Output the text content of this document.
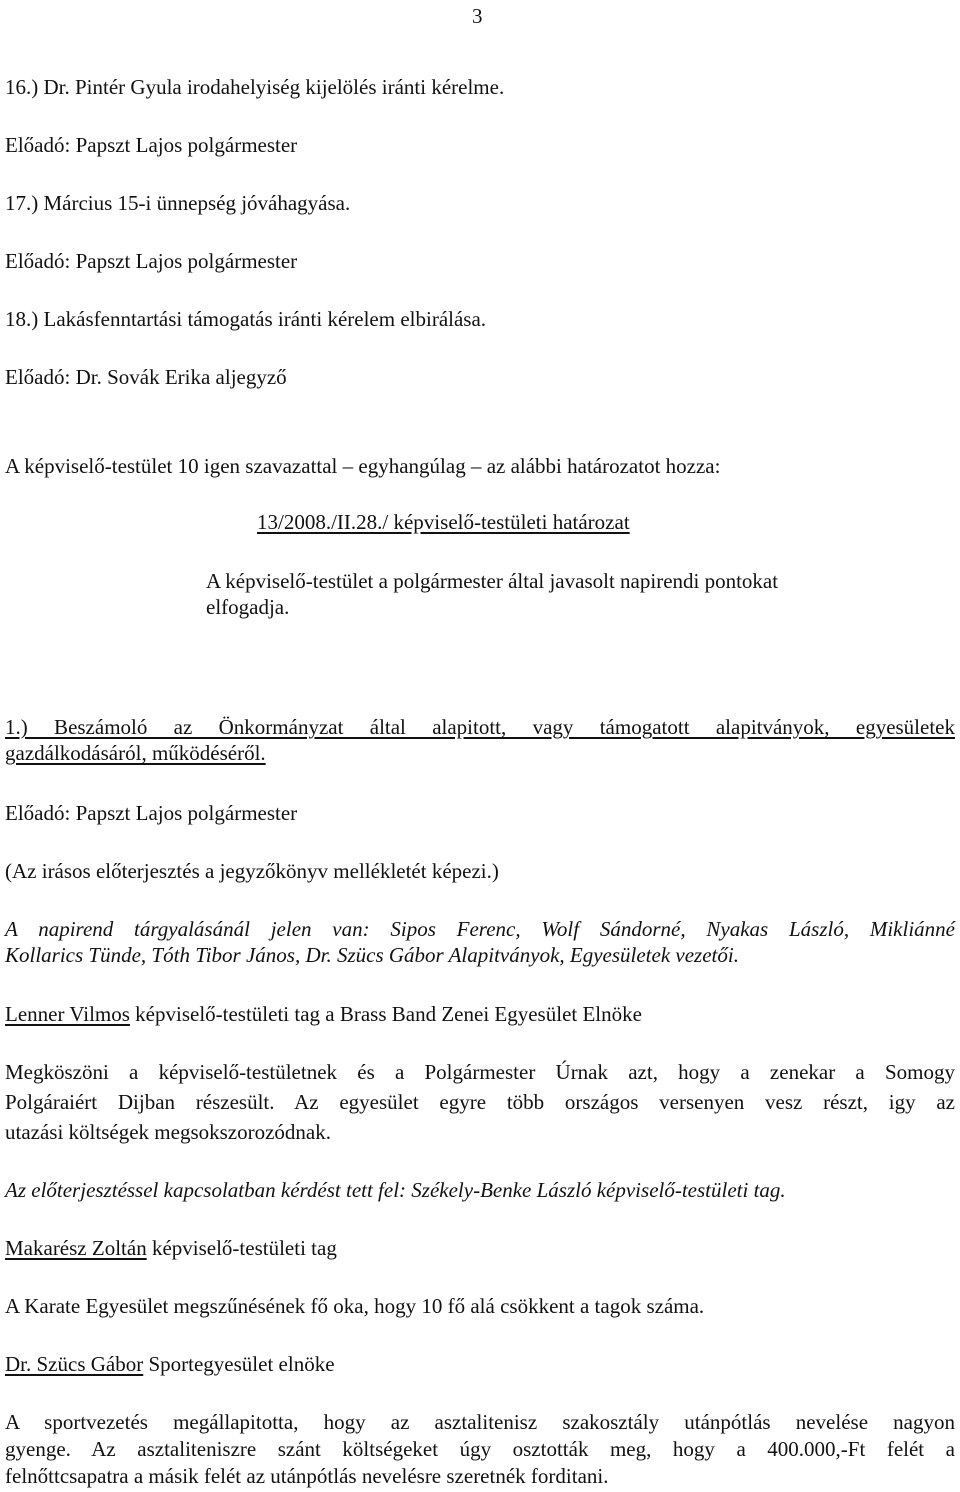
3
16.) Dr. Pintér Gyula irodahelyiség kijelölés iránti kérelme.
Előadó: Papszt Lajos polgármester
17.) Március 15-i ünnepség jóváhagyása.
Előadó: Papszt Lajos polgármester
18.) Lakásfenntartási támogatás iránti kérelem elbirálása.
Előadó: Dr. Sovák Erika aljegyző
A képviselő-testület 10 igen szavazattal – egyhangúlag – az alábbi határozatot hozza:
13/2008./II.28./ képviselő-testületi határozat
A képviselő-testület a polgármester által javasolt napirendi pontokat elfogadja.
1.) Beszámoló az Önkormányzat által alapitott, vagy támogatott alapitványok, egyesületek
gazdálkodásáról, működéséről.
Előadó: Papszt Lajos polgármester
(Az irásos előterjesztés a jegyzőkönyv mellékletét képezi.)
A napirend tárgyalásánál jelen van: Sipos Ferenc, Wolf Sándorné, Nyakas László, Mikliánné
Kollarics Tünde, Tóth Tibor János, Dr. Szücs Gábor Alapitványok, Egyesületek vezetői.
Lenner Vilmos képviselő-testületi tag a Brass Band Zenei Egyesület Elnöke
Megköszöni a képviselő-testületnek és a Polgármester Úrnak azt, hogy a zenekar a Somogy
Polgáraiért Dijban részesült. Az egyesület egyre több országos versenyen vesz részt, igy az
utazási költségek megsokszorozódnak.
Az előterjesztéssel kapcsolatban kérdést tett fel: Székely-Benke László képviselő-testületi tag.
Makarész Zoltán képviselő-testületi tag
A Karate Egyesület megszűnésének fő oka, hogy 10 fő alá csökkent a tagok száma.
Dr. Szücs Gábor Sportegyesület elnöke
A sportvezetés megállapitotta, hogy az asztalitenisz szakosztály utánpótlás nevelése nagyon
gyenge. Az asztaliteniszre szánt költségeket úgy osztották meg, hogy a 400.000,-Ft felét a
felnőttcsapatra a másik felét az utánpótlás nevelésre szeretnék forditani.
